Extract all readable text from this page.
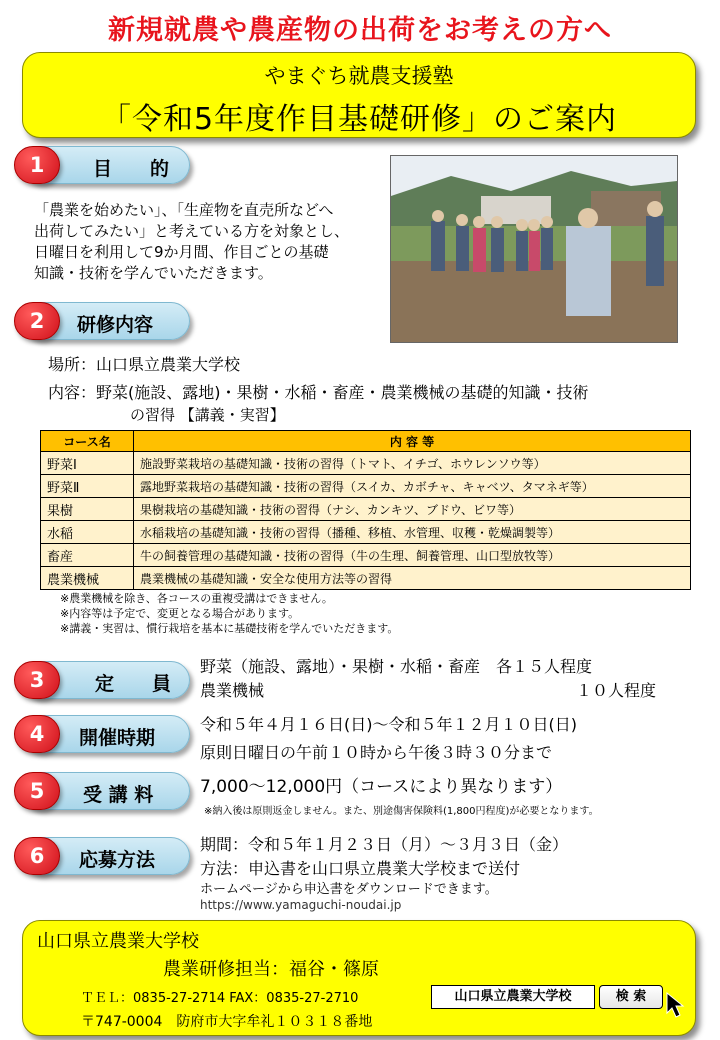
新規就農や農産物の出荷をお考えの方へ
やまぐち就農支援塾
「令和5年度作目基礎研修」のご案内
目　　的
1
「農業を始めたい」、「生産物を直売所などへ
出荷してみたい」と考えている方を対象とし、
日曜日を利用して9か月間、作目ごとの基礎
知識・技術を学んでいただきます。
研修内容
2
場所：山口県立農業大学校
内容：野菜(施設、露地)・果樹・水稲・畜産・農業機械の基礎的知識・技術
の習得 【講義・実習】
コース名	内 容 等
野菜Ⅰ	施設野菜栽培の基礎知識・技術の習得（トマト、イチゴ、ホウレンソウ等）
野菜Ⅱ	露地野菜栽培の基礎知識・技術の習得（スイカ、カボチャ、キャベツ、タマネギ等）
果樹	果樹栽培の基礎知識・技術の習得（ナシ、カンキツ、ブドウ、ビワ等）
水稲	水稲栽培の基礎知識・技術の習得（播種、移植、水管理、収穫・乾燥調製等）
畜産	牛の飼養管理の基礎知識・技術の習得（牛の生理、飼養管理、山口型放牧等）
農業機械	農業機械の基礎知識・安全な使用方法等の習得
※農業機械を除き、各コースの重複受講はできません。
※内容等は予定で、変更となる場合があります。
※講義・実習は、慣行栽培を基本に基礎技術を学んでいただきます。
定　　員
3
野菜（施設、露地）・果樹・水稲・畜産　各１５人程度
農業機械	１０人程度
開催時期
4	令和５年４月１６日(日)～令和５年１２月１０日(日)
原則日曜日の午前１０時から午後３時３０分まで
受 講 料
5	7,000～12,000円（コースにより異なります）
※納入後は原則返金しません。また、別途傷害保険料(1,800円程度)が必要となります。
応募方法
6	期間：令和５年１月２３日（月）～３月３日（金）
方法：申込書を山口県立農業大学校まで送付
ホームページから申込書をダウンロードできます。
https://www.yamaguchi-noudai.jp
山口県立農業大学校
農業研修担当：福谷・篠原
ＴＥＬ：0835-27-2714 FAX：0835-27-2710
〒747-0004　防府市大字牟礼１０３１８番地
山口県立農業大学校	検 索
